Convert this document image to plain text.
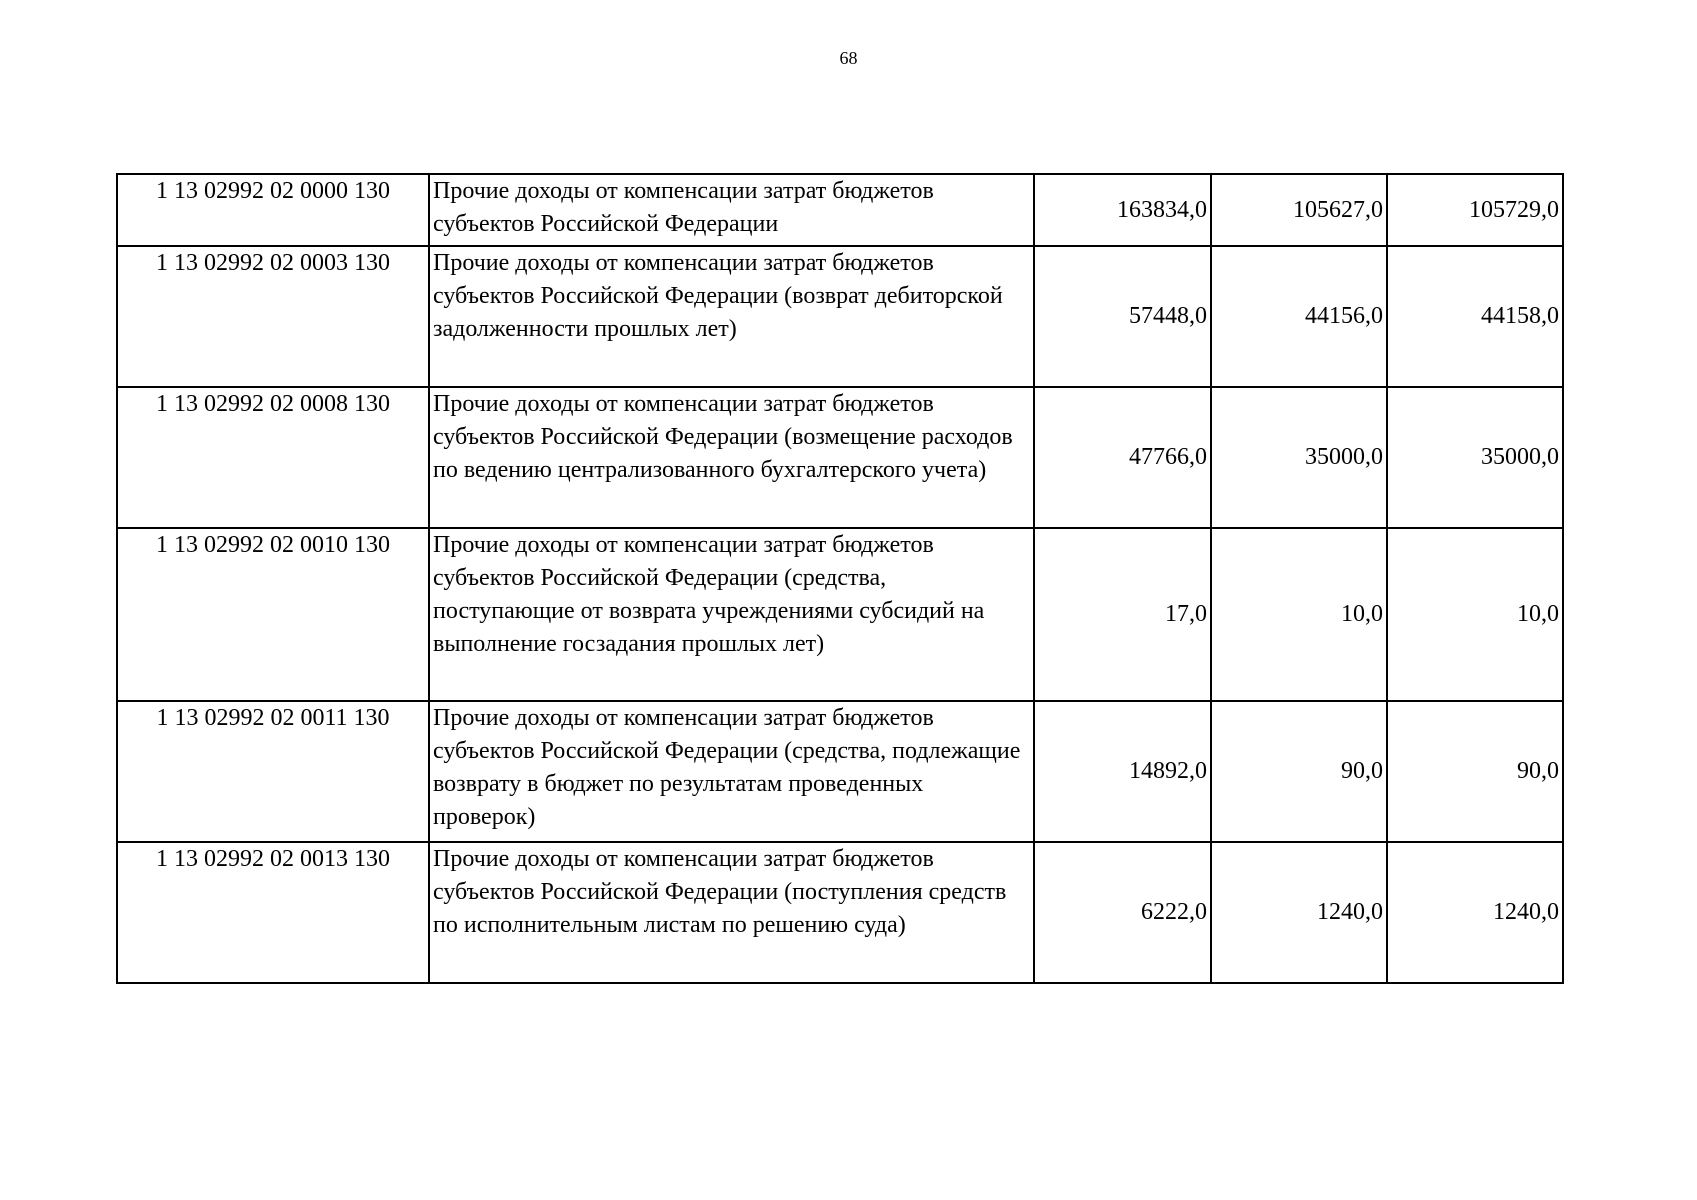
68
1 13 02992 02 0000 130	Прочие доходы от компенсации затрат бюджетов субъектов Российской Федерации	163834,0	105627,0	105729,0
1 13 02992 02 0003 130	Прочие доходы от компенсации затрат бюджетов субъектов Российской Федерации (возврат дебиторской задолженности прошлых лет)	57448,0	44156,0	44158,0
1 13 02992 02 0008 130	Прочие доходы от компенсации затрат бюджетов субъектов Российской Федерации (возмещение расходов по ведению централизованного бухгалтерского учета)	47766,0	35000,0	35000,0
1 13 02992 02 0010 130	Прочие доходы от компенсации затрат бюджетов субъектов Российской Федерации (средства, поступающие от возврата учреждениями субсидий на выполнение госзадания прошлых лет)	17,0	10,0	10,0
1 13 02992 02 0011 130	Прочие доходы от компенсации затрат бюджетов субъектов Российской Федерации (средства, подлежащие возврату в бюджет по результатам проведенных проверок)	14892,0	90,0	90,0
1 13 02992 02 0013 130	Прочие доходы от компенсации затрат бюджетов субъектов Российской Федерации (поступления средств по исполнительным листам по решению суда)	6222,0	1240,0	1240,0
